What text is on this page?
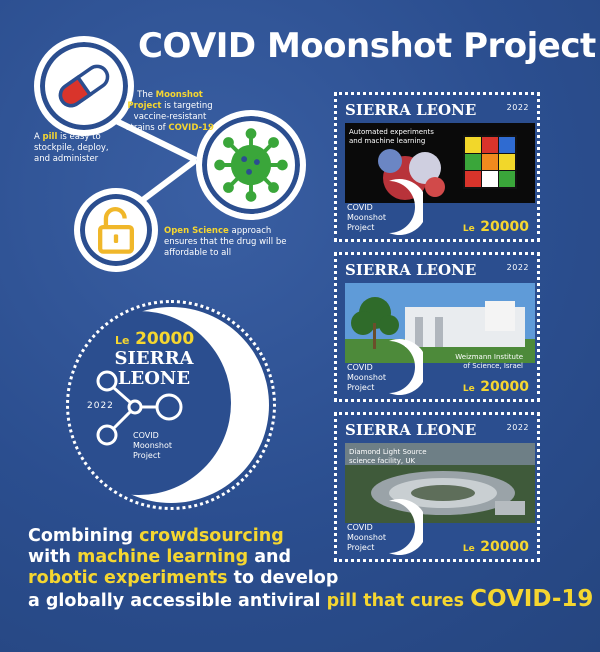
COVID Moonshot Project
The Moonshot Project is targeting vaccine-resistant strains of COVID-19
A pill is easy to stockpile, deploy, and administer
Open Science approach ensures that the drug will be affordable to all
Le 20000
SIERRA
LEONE
2022
COVID
Moonshot
Project
SIERRA LEONE	2022
Automated experiments
and machine learning
COVID
Moonshot
Project	Le 20000
SIERRA LEONE	2022
Weizmann Institute
of Science, Israel
COVID
Moonshot
Project	Le 20000
SIERRA LEONE	2022
Diamond Light Source
science facility, UK
COVID
Moonshot
Project	Le 20000
Combining crowdsourcing
with machine learning and
robotic experiments to develop
a globally accessible antiviral pill that cures COVID-19
